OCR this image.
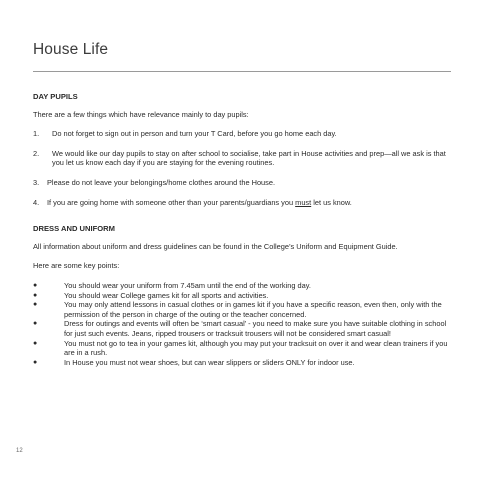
House Life
DAY PUPILS

There are a few things which have relevance mainly to day pupils:

1.	Do not forget to sign out in person and turn your T Card, before you go home each day.
2.	We would like our day pupils to stay on after school to socialise, take part in House activities and prep—all we ask is that you let us know each day if you are staying for the evening routines.
3.	Please do not leave your belongings/home clothes around the House.
4.	If you are going home with someone other than your parents/guardians you must let us know.
DRESS AND UNIFORM

All information about uniform and dress guidelines can be found in the College’s Uniform and Equipment Guide.

Here are some key points:

●	You should wear your uniform from 7.45am until the end of the working day.
●	You should wear College games kit for all sports and activities.
●	You may only attend lessons in casual clothes or in games kit if you have a specific reason, even then, only with the permission of the person in charge of the outing or the teacher concerned.
●	Dress for outings and events will often be ‘smart casual’ - you need to make sure you have suitable clothing in school for just such events. Jeans, ripped trousers or tracksuit trousers will not be considered smart casual!
●	You must not go to tea in your games kit, although you may put your tracksuit on over it and wear clean trainers if you are in a rush.
●	In House you must not wear shoes, but can wear slippers or sliders ONLY for indoor use.
12
